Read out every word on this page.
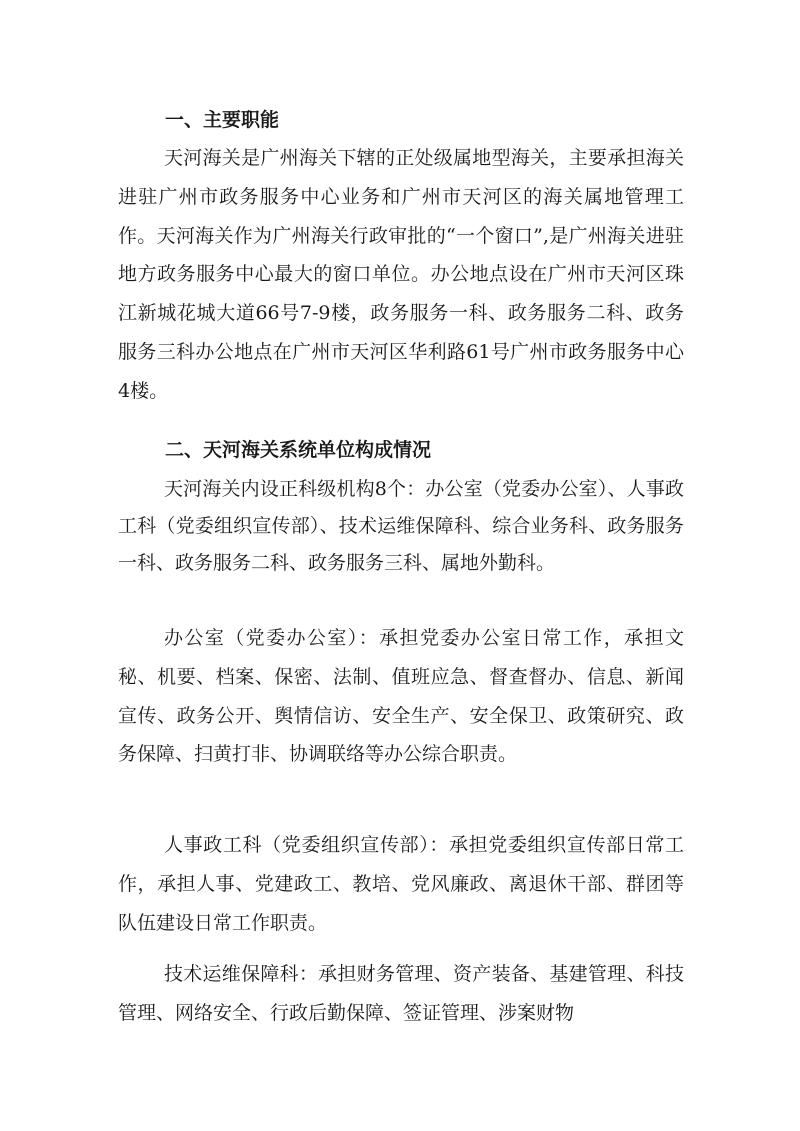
一、主要职能

天河海关是广州海关下辖的正处级属地型海关，主要承担海关进驻广州市政务服务中心业务和广州市天河区的海关属地管理工作。天河海关作为广州海关行政审批的“一个窗口”,是广州海关进驻地方政务服务中心最大的窗口单位。办公地点设在广州市天河区珠江新城花城大道66号7-9楼，政务服务一科、政务服务二科、政务服务三科办公地点在广州市天河区华利路61号广州市政务服务中心4楼。

二、天河海关系统单位构成情况

天河海关内设正科级机构8个：办公室（党委办公室）、人事政工科（党委组织宣传部）、技术运维保障科、综合业务科、政务服务一科、政务服务二科、政务服务三科、属地外勤科。

办公室（党委办公室）：承担党委办公室日常工作，承担文秘、机要、档案、保密、法制、值班应急、督查督办、信息、新闻宣传、政务公开、舆情信访、安全生产、安全保卫、政策研究、政务保障、扫黄打非、协调联络等办公综合职责。

人事政工科（党委组织宣传部）：承担党委组织宣传部日常工作，承担人事、党建政工、教培、党风廉政、离退休干部、群团等队伍建设日常工作职责。

技术运维保障科：承担财务管理、资产装备、基建管理、科技管理、网络安全、行政后勤保障、签证管理、涉案财物
